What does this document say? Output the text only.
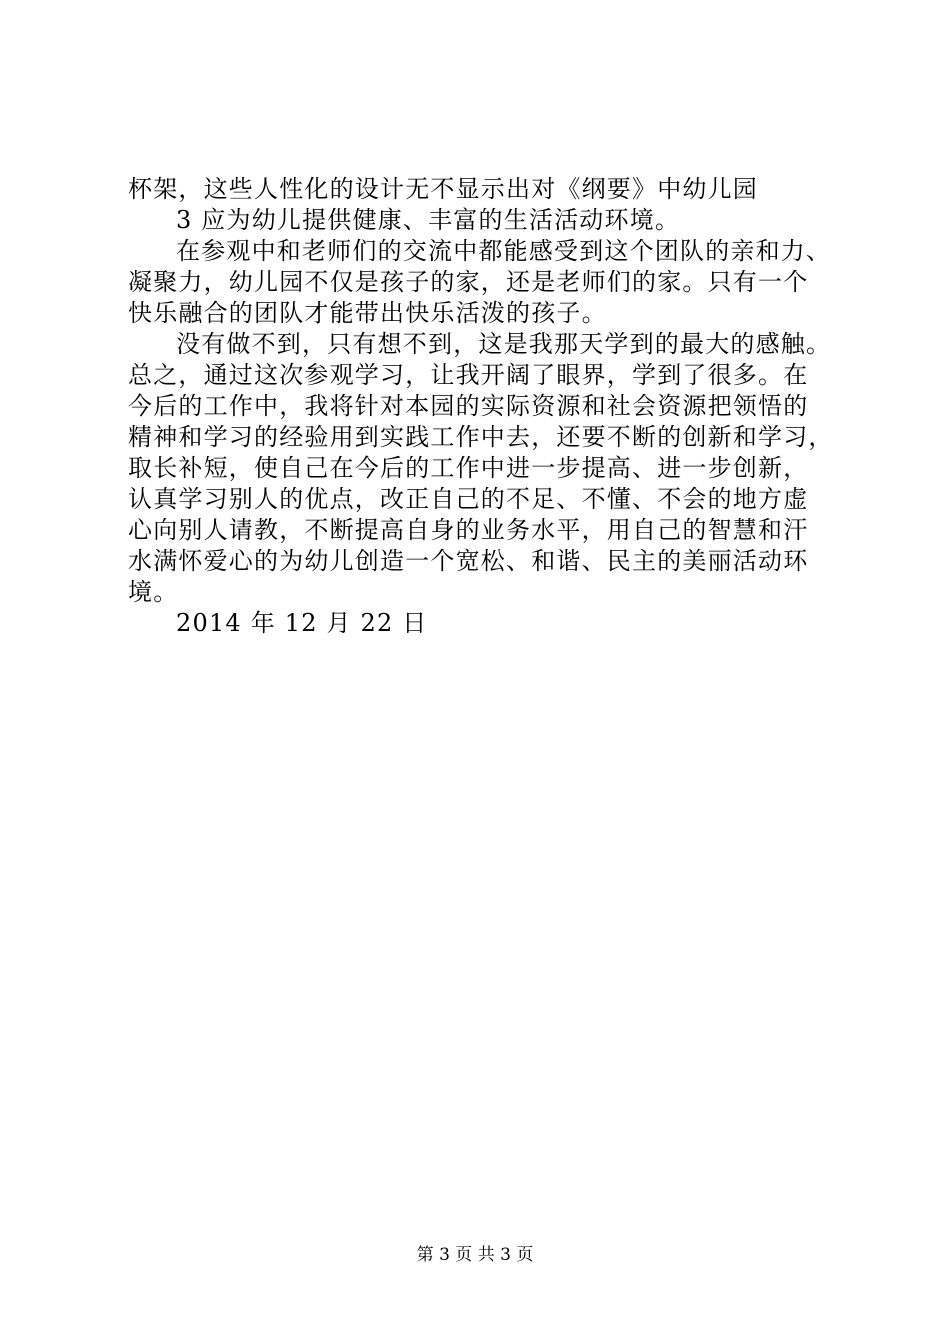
杯架，这些人性化的设计无不显示出对《纲要》中幼儿园
3 应为幼儿提供健康、丰富的生活活动环境。
在参观中和老师们的交流中都能感受到这个团队的亲和力、
凝聚力，幼儿园不仅是孩子的家，还是老师们的家。只有一个
快乐融合的团队才能带出快乐活泼的孩子。
没有做不到，只有想不到，这是我那天学到的最大的感触。
总之，通过这次参观学习，让我开阔了眼界，学到了很多。在
今后的工作中，我将针对本园的实际资源和社会资源把领悟的
精神和学习的经验用到实践工作中去，还要不断的创新和学习，
取长补短，使自己在今后的工作中进一步提高、进一步创新，
认真学习别人的优点，改正自己的不足、不懂、不会的地方虚
心向别人请教，不断提高自身的业务水平，用自己的智慧和汗
水满怀爱心的为幼儿创造一个宽松、和谐、民主的美丽活动环
境。
2014 年 12 月 22 日
第 3 页 共 3 页
